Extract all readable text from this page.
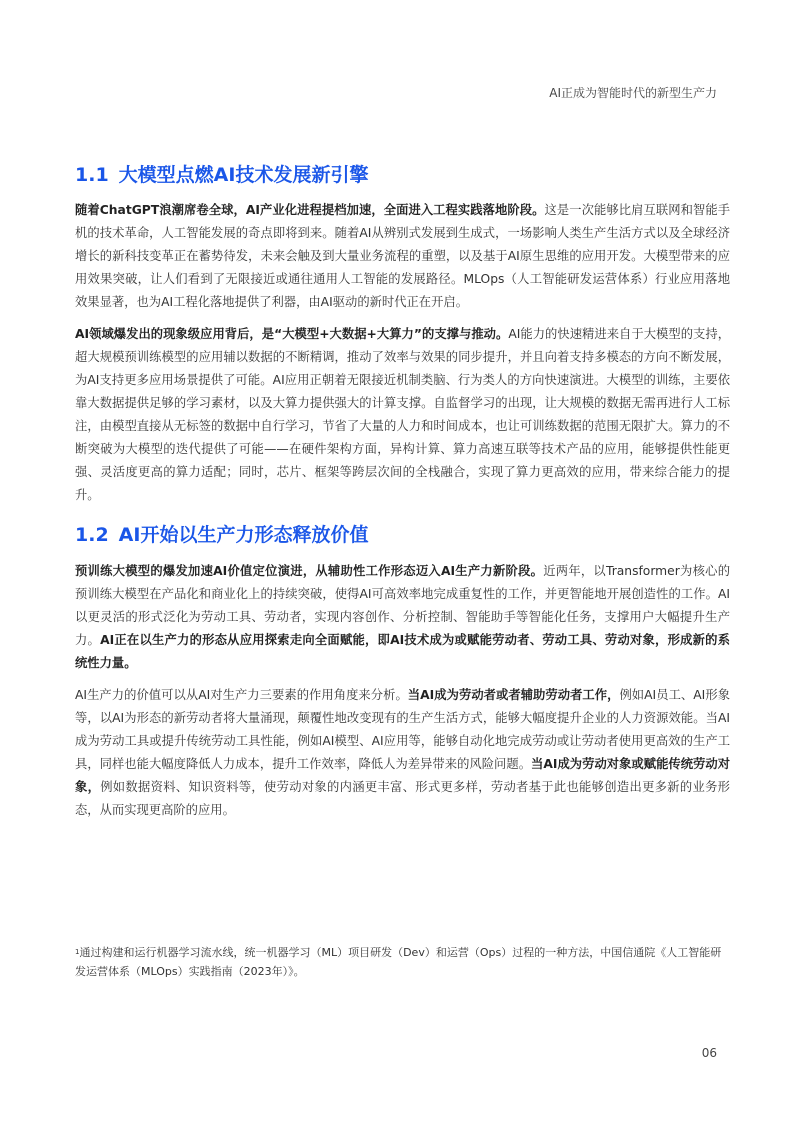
AI正成为智能时代的新型生产力
1.1 大模型点燃AI技术发展新引擎

随着ChatGPT浪潮席卷全球，AI产业化进程提档加速，全面进入工程实践落地阶段。这是一次能够比肩互联网和智能手机的技术革命，人工智能发展的奇点即将到来。随着AI从辨别式发展到生成式，一场影响人类生产生活方式以及全球经济增长的新科技变革正在蓄势待发，未来会触及到大量业务流程的重塑，以及基于AI原生思维的应用开发。大模型带来的应用效果突破，让人们看到了无限接近或通往通用人工智能的发展路径。MLOps（人工智能研发运营体系）行业应用落地效果显著，也为AI工程化落地提供了利器，由AI驱动的新时代正在开启。

AI领域爆发出的现象级应用背后，是“大模型+大数据+大算力”的支撑与推动。AI能力的快速精进来自于大模型的支持，超大规模预训练模型的应用辅以数据的不断精调，推动了效率与效果的同步提升，并且向着支持多模态的方向不断发展，为AI支持更多应用场景提供了可能。AI应用正朝着无限接近机制类脑、行为类人的方向快速演进。大模型的训练，主要依靠大数据提供足够的学习素材，以及大算力提供强大的计算支撑。自监督学习的出现，让大规模的数据无需再进行人工标注，由模型直接从无标签的数据中自行学习，节省了大量的人力和时间成本，也让可训练数据的范围无限扩大。算力的不断突破为大模型的迭代提供了可能——在硬件架构方面，异构计算、算力高速互联等技术产品的应用，能够提供性能更强、灵活度更高的算力适配；同时，芯片、框架等跨层次间的全栈融合，实现了算力更高效的应用，带来综合能力的提升。

1.2 AI开始以生产力形态释放价值

预训练大模型的爆发加速AI价值定位演进，从辅助性工作形态迈入AI生产力新阶段。近两年，以Transformer为核心的预训练大模型在产品化和商业化上的持续突破，使得AI可高效率地完成重复性的工作，并更智能地开展创造性的工作。AI以更灵活的形式泛化为劳动工具、劳动者，实现内容创作、分析控制、智能助手等智能化任务，支撑用户大幅提升生产力。AI正在以生产力的形态从应用探索走向全面赋能，即AI技术成为或赋能劳动者、劳动工具、劳动对象，形成新的系统性力量。

AI生产力的价值可以从AI对生产力三要素的作用角度来分析。当AI成为劳动者或者辅助劳动者工作，例如AI员工、AI形象等，以AI为形态的新劳动者将大量涌现，颠覆性地改变现有的生产生活方式，能够大幅度提升企业的人力资源效能。当AI成为劳动工具或提升传统劳动工具性能，例如AI模型、AI应用等，能够自动化地完成劳动或让劳动者使用更高效的生产工具，同样也能大幅度降低人力成本，提升工作效率，降低人为差异带来的风险问题。当AI成为劳动对象或赋能传统劳动对象，例如数据资料、知识资料等，使劳动对象的内涵更丰富、形式更多样，劳动者基于此也能够创造出更多新的业务形态，从而实现更高阶的应用。

$^1$通过构建和运行机器学习流水线，统一机器学习（ML）项目研发（Dev）和运营（Ops）过程的一种方法，中国信通院《人工智能研发运营体系（MLOps）实践指南（2023年）》。

06
